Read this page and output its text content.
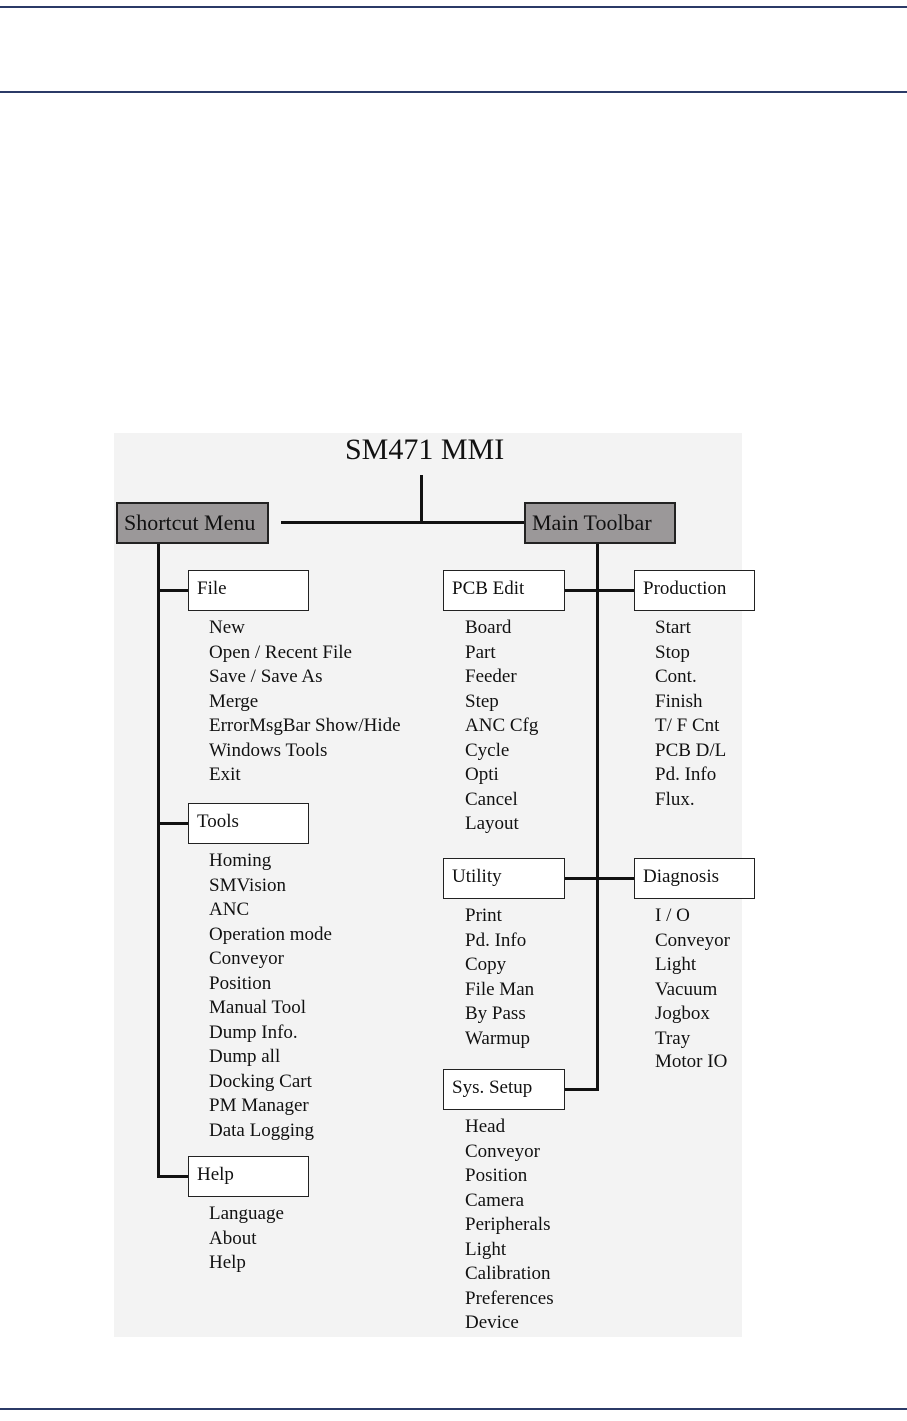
SM471 MMI
Shortcut Menu	Main Toolbar
File
New
Open / Recent File
Save / Save As
Merge
ErrorMsgBar Show/Hide
Windows Tools
Exit
Tools
Homing
SMVision
ANC
Operation mode
Conveyor
Position
Manual Tool
Dump Info.
Dump all
Docking Cart
PM Manager
Data Logging
Help
Language
About
Help
PCB Edit
Board
Part
Feeder
Step
ANC Cfg
Cycle
Opti
Cancel
Layout
Production
Start
Stop
Cont.
Finish
T/ F Cnt
PCB D/L
Pd. Info
Flux.
Utility
Print
Pd. Info
Copy
File Man
By Pass
Warmup
Diagnosis
I / O
Conveyor
Light
Vacuum
Jogbox
Tray
Motor IO
Sys. Setup
Head
Conveyor
Position
Camera
Peripherals
Light
Calibration
Preferences
Device
